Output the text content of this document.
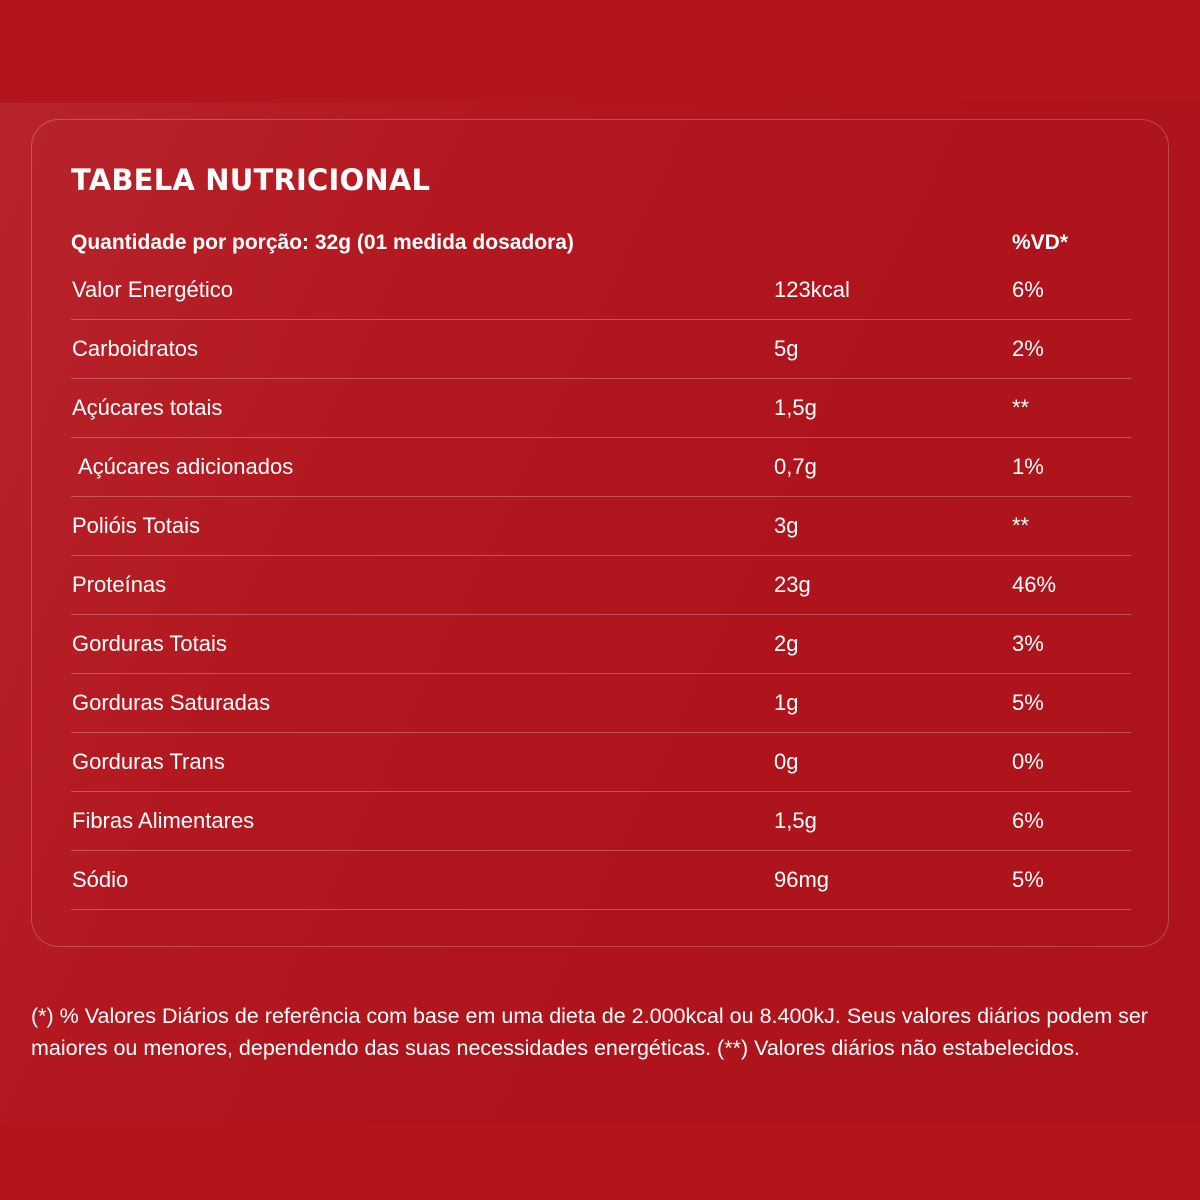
TABELA NUTRICIONAL
Quantidade por porção: 32g (01 medida dosadora)	%VD*
Valor Energético	123kcal	6%
Carboidratos	5g	2%
Açúcares totais	1,5g	**
Açúcares adicionados	0,7g	1%
Polióis Totais	3g	**
Proteínas	23g	46%
Gorduras Totais	2g	3%
Gorduras Saturadas	1g	5%
Gorduras Trans	0g	0%
Fibras Alimentares	1,5g	6%
Sódio	96mg	5%
(*) % Valores Diários de referência com base em uma dieta de 2.000kcal ou 8.400kJ. Seus valores diários podem ser maiores ou menores, dependendo das suas necessidades energéticas. (**) Valores diários não estabelecidos.
